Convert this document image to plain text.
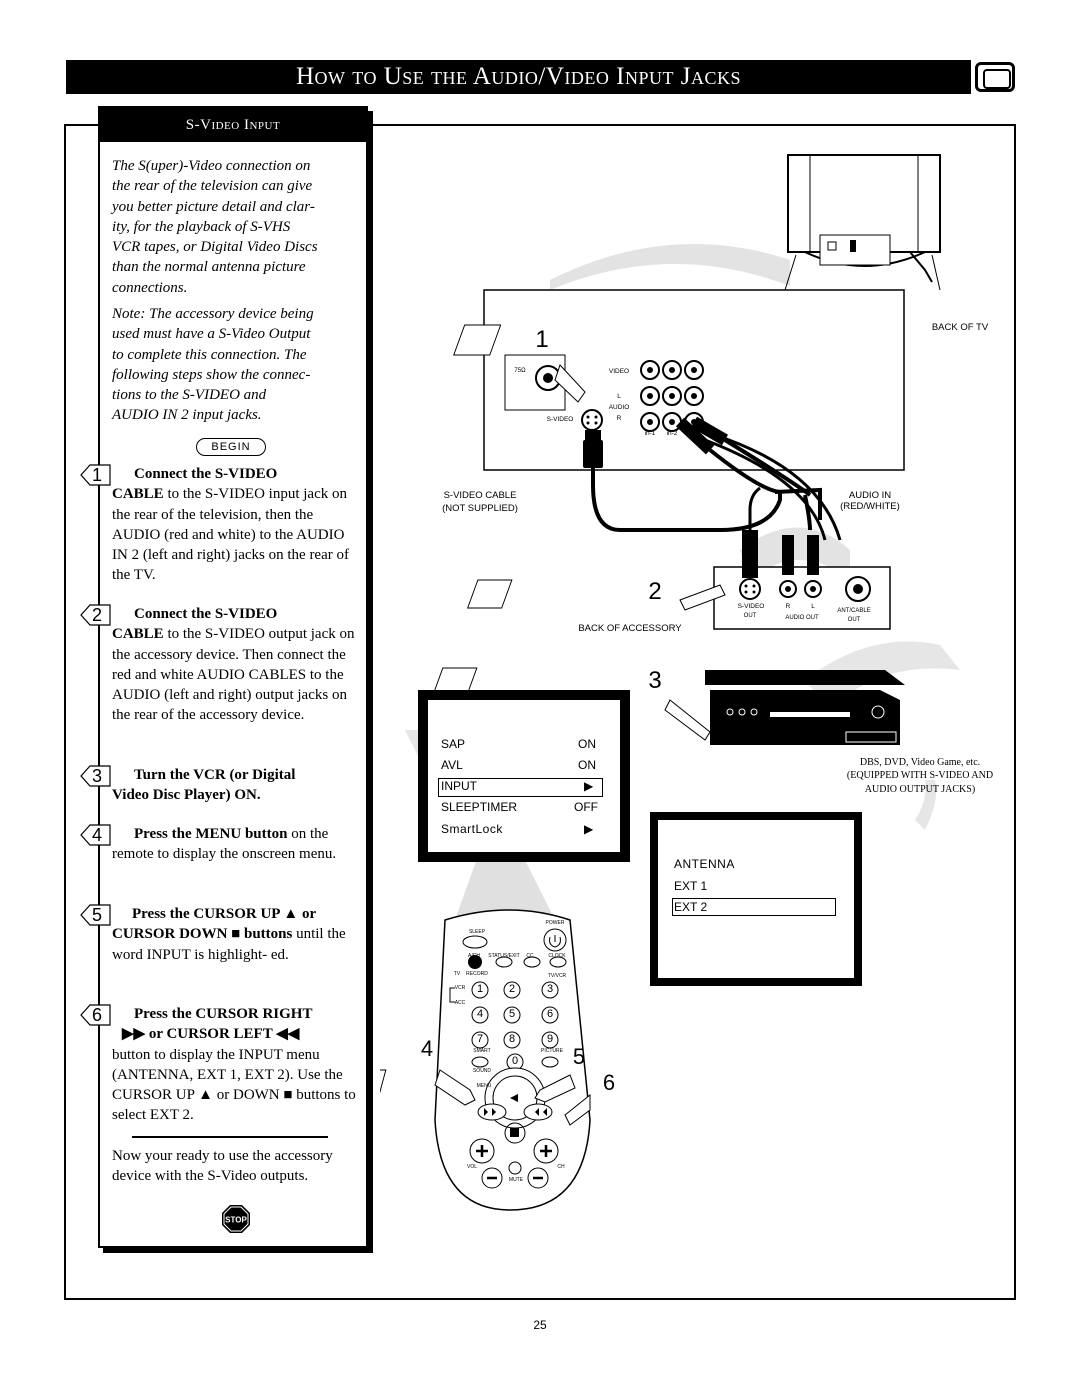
How to Use the Audio/Video Input Jacks
S-Video Input
The S(uper)-Video connection on
the rear of the television can give
you better picture detail and clar-
ity, for the playback of S-VHS
VCR tapes, or Digital Video Discs
than the normal antenna picture
connections.
Note: The accessory device being
used must have a S-Video Output
to complete this connection. The
following steps show the connec-
tions to the S-VIDEO and
AUDIO IN 2 input jacks.
BEGIN
1	Connect the S-VIDEO
CABLE to the S-VIDEO input jack on the rear of the television, then the AUDIO (red and white) to the AUDIO IN 2 (left and right) jacks on the rear of the TV.
2	Connect the S-VIDEO
CABLE to the S-VIDEO output jack on the accessory device. Then connect the red and white AUDIO CABLES to the AUDIO (left and right) output jacks on the rear of the accessory device.
3	Turn the VCR (or Digital
Video Disc Player) ON.
4	Press the MENU button on the remote to display the onscreen menu.
5	Press the CURSOR UP ▲ or
CURSOR DOWN ■ buttons until the word INPUT is highlight- ed.
6	Press the CURSOR RIGHT
▶▶ or CURSOR LEFT ◀◀
button to display the INPUT menu (ANTENNA, EXT 1, EXT 2). Use the CURSOR UP ▲ or DOWN ■ buttons to select EXT 2.
Now your ready to use the accessory device with the S-Video outputs.
STOP
BACK OF TV
S-VIDEO CABLE
(NOT SUPPLIED)
AUDIO IN
(RED/WHITE)
BACK OF ACCESSORY
DBS, DVD, Video Game, etc.
(EQUIPPED WITH S-VIDEO AND
AUDIO OUTPUT JACKS)
75Ω	VIDEO
L
AUDIO
R
S-VIDEO
in-1	in-2
S-VIDEO
OUT
R	L
AUDIO OUT
ANT/CABLE
OUT
1
2
3
4	5
6
POWER
SLEEP
A/CH	STATUS/EXIT	CC	CLOCK
TV	RECORD	TV/VCR
VCR
ACC
SMART	PICTURE
SOUND
MENU
VOL	CH
MUTE
1 2	3
4 5	6
7 8	9
0
SAP	ON
AVL	ON
INPUT	▶
SLEEPTIMER	OFF
SmartLock	▶
ANTENNA
EXT 1
EXT 2
25
